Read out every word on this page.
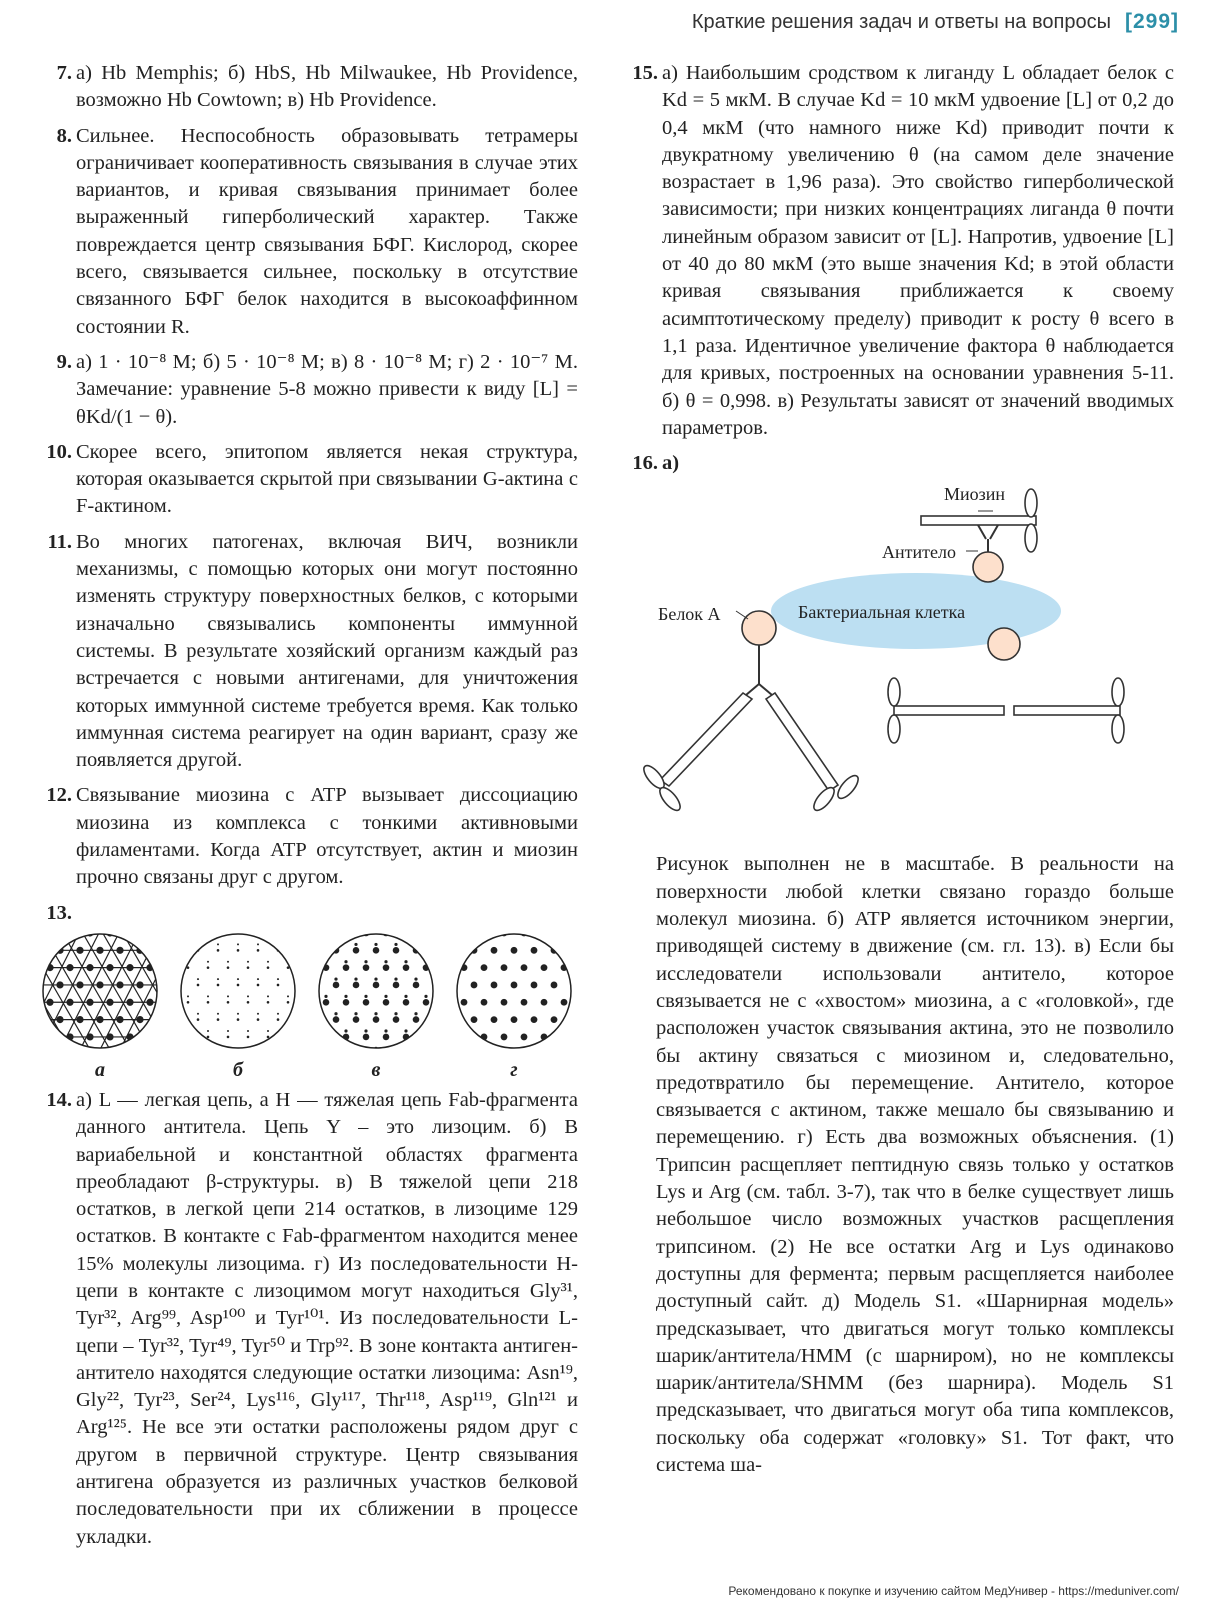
Краткие решения задач и ответы на вопросы [299]
7. а) Hb Memphis; б) HbS, Hb Milwaukee, Hb Providence, возможно Hb Cowtown; в) Hb Providence.
8. Сильнее. Неспособность образовывать тетрамеры ограничивает кооперативность связывания в случае этих вариантов, и кривая связывания принимает более выраженный гиперболический характер. Также повреждается центр связывания БФГ. Кислород, скорее всего, связывается сильнее, поскольку в отсутствие связанного БФГ белок находится в высокоаффинном состоянии R.
9. а) 1 · 10⁻⁸ М; б) 5 · 10⁻⁸ М; в) 8 · 10⁻⁸ М; г) 2 · 10⁻⁷ М. Замечание: уравнение 5-8 можно привести к виду [L] = θKd/(1 − θ).
10. Скорее всего, эпитопом является некая структура, которая оказывается скрытой при связывании G-актина с F-актином.
11. Во многих патогенах, включая ВИЧ, возникли механизмы, с помощью которых они могут постоянно изменять структуру поверхностных белков, с которыми изначально связывались компоненты иммунной системы. В результате хозяйский организм каждый раз встречается с новыми антигенами, для уничтожения которых иммунной системе требуется время. Как только иммунная система реагирует на один вариант, сразу же появляется другой.
12. Связывание миозина с ATP вызывает диссоциацию миозина из комплекса с тонкими активновыми филаментами. Когда ATP отсутствует, актин и миозин прочно связаны друг с другом.
13.

а	б	в	г
14. а) L — легкая цепь, а H — тяжелая цепь Fab-фрагмента данного антитела. Цепь Y – это лизоцим. б) В вариабельной и константной областях фрагмента преобладают β-структуры. в) В тяжелой цепи 218 остатков, в легкой цепи 214 остатков, в лизоциме 129 остатков. В контакте с Fab-фрагментом находится менее 15% молекулы лизоцима. г) Из последовательности H-цепи в контакте с лизоцимом могут находиться Gly³¹, Tyr³², Arg⁹⁹, Asp¹⁰⁰ и Tyr¹⁰¹. Из последовательности L-цепи – Tyr³², Tyr⁴⁹, Tyr⁵⁰ и Trp⁹². В зоне контакта антиген-антитело находятся следующие остатки лизоцима: Asn¹⁹, Gly²², Tyr²³, Ser²⁴, Lys¹¹⁶, Gly¹¹⁷, Thr¹¹⁸, Asp¹¹⁹, Gln¹²¹ и Arg¹²⁵. Не все эти остатки расположены рядом друг с другом в первичной структуре. Центр связывания антигена образуется из различных участков белковой последовательности при их сближении в процессе укладки.
15. а) Наибольшим сродством к лиганду L обладает белок с Kd = 5 мкМ. В случае Kd = 10 мкМ удвоение [L] от 0,2 до 0,4 мкМ (что намного ниже Kd) приводит почти к двукратному увеличению θ (на самом деле значение возрастает в 1,96 раза). Это свойство гиперболической зависимости; при низких концентрациях лиганда θ почти линейным образом зависит от [L]. Напротив, удвоение [L] от 40 до 80 мкМ (это выше значения Kd; в этой области кривая связывания приближается к своему асимптотическому пределу) приводит к росту θ всего в 1,1 раза. Идентичное увеличение фактора θ наблюдается для кривых, построенных на основании уравнения 5-11. б) θ = 0,998. в) Результаты зависят от значений вводимых параметров.
16. а)
Миозин
Антитело
Бактериальная клетка
Белок A
Рисунок выполнен не в масштабе. В реальности на поверхности любой клетки связано гораздо больше молекул миозина. б) ATP является источником энергии, приводящей систему в движение (см. гл. 13). в) Если бы исследователи использовали антитело, которое связывается не с «хвостом» миозина, а с «головкой», где расположен участок связывания актина, это не позволило бы актину связаться с миозином и, следовательно, предотвратило бы перемещение. Антитело, которое связывается с актином, также мешало бы связыванию и перемещению. г) Есть два возможных объяснения. (1) Трипсин расщепляет пептидную связь только у остатков Lys и Arg (см. табл. 3-7), так что в белке существует лишь небольшое число возможных участков расщепления трипсином. (2) Не все остатки Arg и Lys одинаково доступны для фермента; первым расщепляется наиболее доступный сайт. д) Модель S1. «Шарнирная модель» предсказывает, что двигаться могут только комплексы шарик/антитела/HMM (с шарниром), но не комплексы шарик/антитела/SHMM (без шарнира). Модель S1 предсказывает, что двигаться могут оба типа комплексов, поскольку оба содержат «головку» S1. Тот факт, что система ша-
Рекомендовано к покупке и изучению сайтом МедУнивер - https://meduniver.com/
